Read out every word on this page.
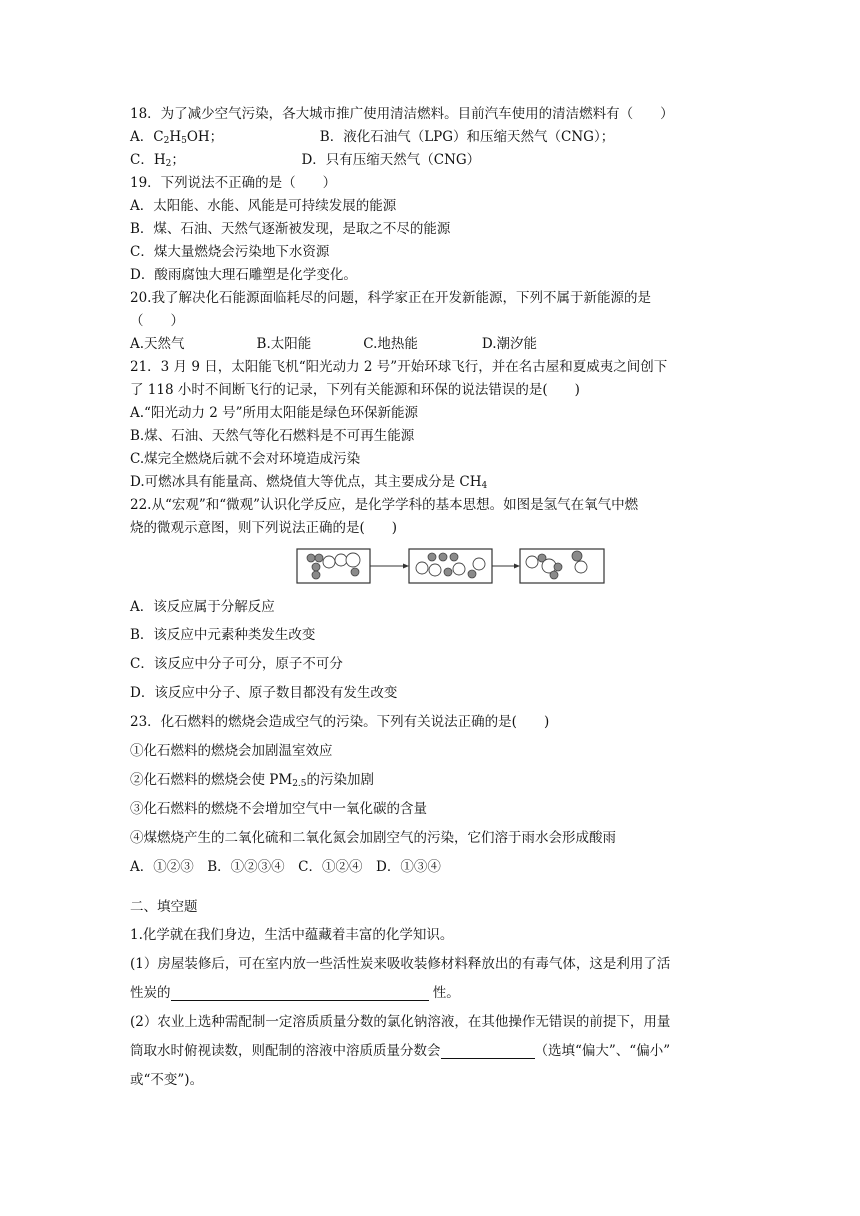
18．为了减少空气污染，各大城市推广使用清洁燃料。目前汽车使用的清洁燃料有（　　）
A．$C_2H_5OH$；	B．液化石油气（LPG）和压缩天然气（CNG）；
C．$H_2$；	D．只有压缩天然气（CNG）
19．下列说法不正确的是（　　）
A．太阳能、水能、风能是可持续发展的能源
B．煤、石油、天然气逐渐被发现，是取之不尽的能源
C．煤大量燃烧会污染地下水资源
D．酸雨腐蚀大理石雕塑是化学变化。
20.我了解决化石能源面临耗尽的问题，科学家正在开发新能源，下列不属于新能源的是
（　　）
A.天然气	B.太阳能	C.地热能	D.潮汐能
21．3 月 9 日，太阳能飞机“阳光动力 2 号”开始环球飞行，并在名古屋和夏威夷之间创下
了 118 小时不间断飞行的记录，下列有关能源和环保的说法错误的是(　　)
A.“阳光动力 2 号”所用太阳能是绿色环保新能源
B.煤、石油、天然气等化石燃料是不可再生能源
C.煤完全燃烧后就不会对环境造成污染
D.可燃冰具有能量高、燃烧值大等优点，其主要成分是 $CH_4$
22.从“宏观”和“微观”认识化学反应，是化学学科的基本思想。如图是氢气在氧气中燃
烧的微观示意图，则下列说法正确的是(　　)
A．该反应属于分解反应
B．该反应中元素种类发生改变
C．该反应中分子可分，原子不可分
D．该反应中分子、原子数目都没有发生改变
23．化石燃料的燃烧会造成空气的污染。下列有关说法正确的是(　　)
①化石燃料的燃烧会加剧温室效应
②化石燃料的燃烧会使 $PM_{2.5}$的污染加剧
③化石燃料的燃烧不会增加空气中一氧化碳的含量
④煤燃烧产生的二氧化硫和二氧化氮会加剧空气的污染，它们溶于雨水会形成酸雨
A．①②③　B．①②③④　C．①②④　D．①③④
二、填空题
1.化学就在我们身边，生活中蕴藏着丰富的化学知识。
(1）房屋装修后，可在室内放一些活性炭来吸收装修材料释放出的有毒气体，这是利用了活
性炭的	性。
(2）农业上选种需配制一定溶质质量分数的氯化钠溶液，在其他操作无错误的前提下，用量
筒取水时俯视读数，则配制的溶液中溶质质量分数会	（选填“偏大”、“偏小”
或“不变”)。
